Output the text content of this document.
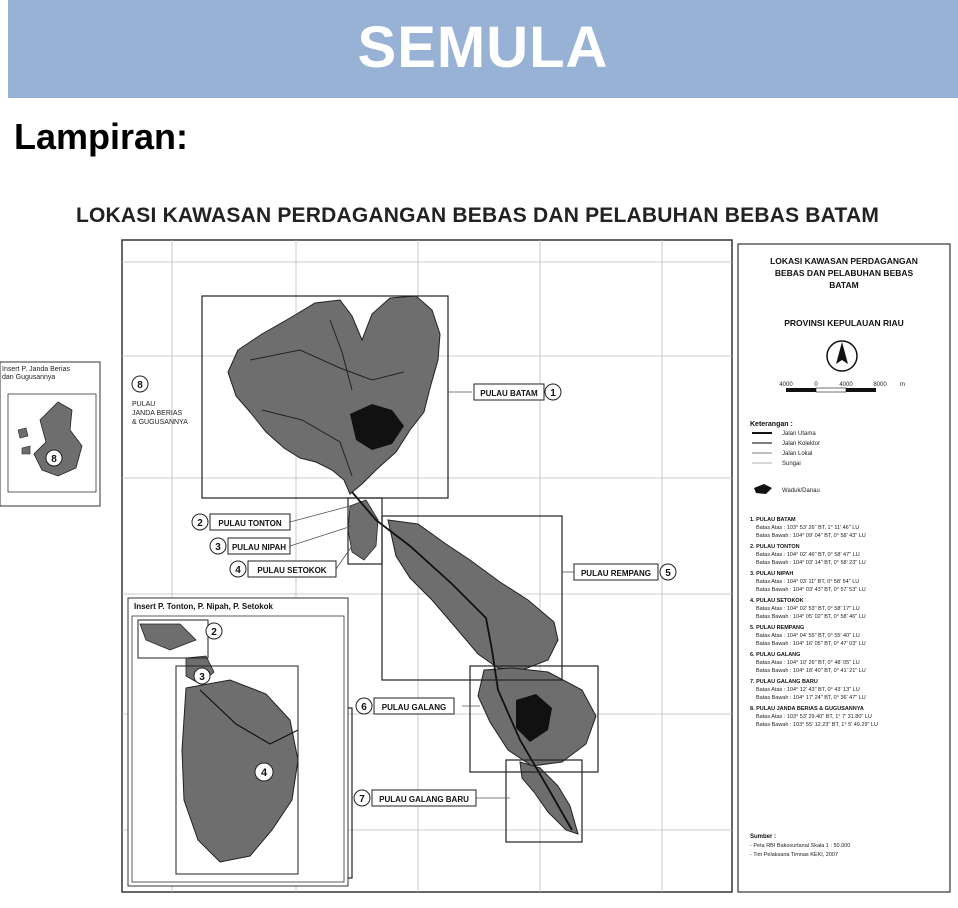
SEMULA
Lampiran:
LOKASI KAWASAN PERDAGANGAN BEBAS DAN PELABUHAN BEBAS BATAM
PULAU BATAM 1
2 PULAU TONTON
3 PULAU NIPAH
4 PULAU SETOKOK	PULAU REMPANG 5
6 PULAU GALANG
7 PULAU GALANG BARU
8
PULAU
JANDA BERIAS
& GUGUSANNYA
Insert P. Janda Berias
dan Gugusannya
8
Insert P. Tonton, P. Nipah, P. Setokok
2
3
4
LOKASI KAWASAN PERDAGANGAN
BEBAS DAN PELABUHAN BEBAS
BATAM
PROVINSI KEPULAUAN RIAU
4000	0	4000	8000 m
Keterangan :
Jalan Utama
Jalan Kolektor
Jalan Lokal
Sungai
Waduk/Danau
1. PULAU BATAM
Batas Atas : 103° 53' 26" BT, 1° 11' 46" LU
Batas Bawah : 104° 09' 04" BT, 0° 58' 43" LU
2. PULAU TONTON
Batas Atas : 104° 02' 46" BT, 0° 58' 47" LU
Batas Bawah : 104° 03' 14" BT, 0° 58' 23" LU
3. PULAU NIPAH
Batas Atas : 104° 03' 11" BT, 0° 58' 54" LU
Batas Bawah : 104° 03' 43" BT, 0° 57' 53" LU
4. PULAU SETOKOK
Batas Atas : 104° 02' 53" BT, 0° 58' 17" LU
Batas Bawah : 104° 05' 02" BT, 0° 58' 46" LU
5. PULAU REMPANG
Batas Atas : 104° 04' 55" BT, 0° 55' 40" LU
Batas Bawah : 104° 16' 05" BT, 0° 47' 03" LU
6. PULAU GALANG
Batas Atas : 104° 10' 26" BT, 0° 48' 05" LU
Batas Bawah : 104° 18' 40" BT, 0° 41' 21" LU
7. PULAU GALANG BARU
Batas Atas : 104° 12' 43" BT, 0° 43' 13" LU
Batas Bawah : 104° 17' 24" BT, 0° 36' 47" LU
8. PULAU JANDA BERIAS & GUGUSANNYA
Batas Atas : 103° 53' 29.40" BT, 1° 7' 31.80" LU
Batas Bawah : 103° 55' 12.23" BT, 1° 5' 49.29" LU
Sumber :
- Peta RBI Bakosurtanal Skala 1 : 50.000
- Tim Pelaksana Timnas KEKI, 2007
